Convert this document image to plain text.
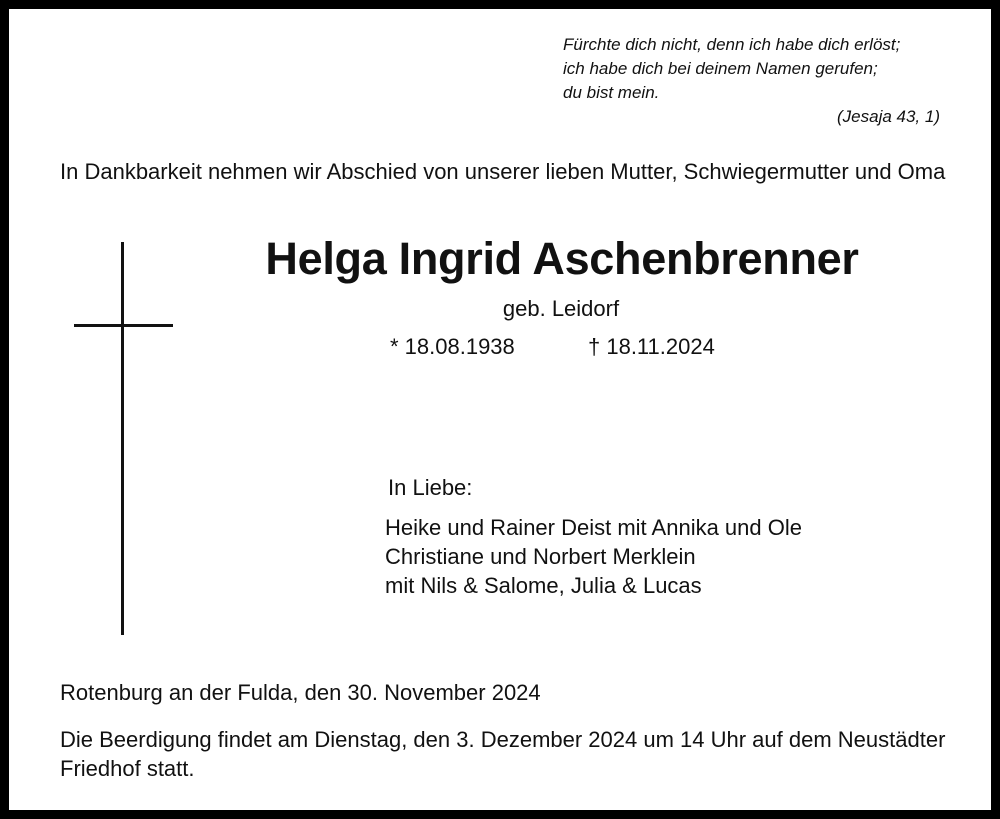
Fürchte dich nicht, denn ich habe dich erlöst;
ich habe dich bei deinem Namen gerufen;
du bist mein.
(Jesaja 43, 1)
In Dankbarkeit nehmen wir Abschied von unserer lieben Mutter, Schwiegermutter und Oma
Helga Ingrid Aschenbrenner
geb. Leidorf
* 18.08.1938	† 18.11.2024
In Liebe:
Heike und Rainer Deist mit Annika und Ole
Christiane und Norbert Merklein
mit Nils & Salome, Julia & Lucas
Rotenburg an der Fulda, den 30. November 2024
Die Beerdigung findet am Dienstag, den 3. Dezember 2024 um 14 Uhr auf dem Neustädter Friedhof statt.
